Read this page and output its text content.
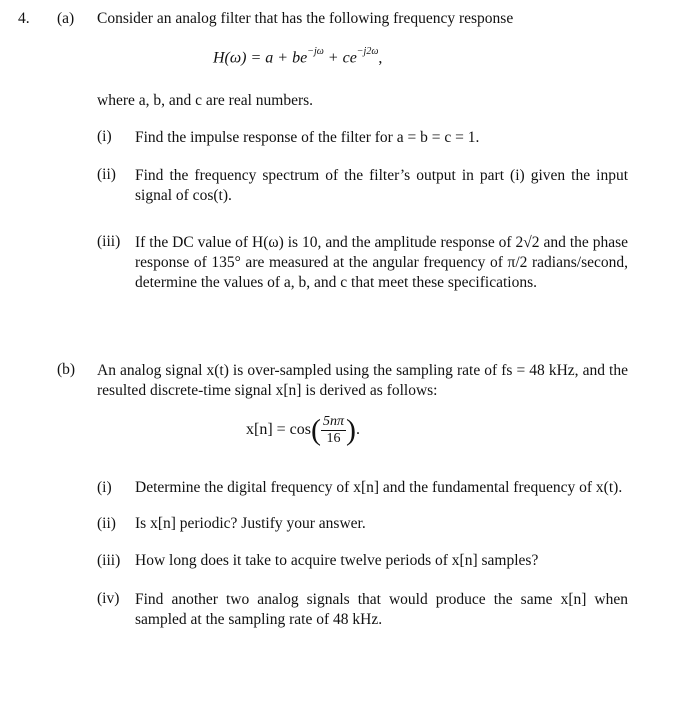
4. (a) Consider an analog filter that has the following frequency response
$H(\omega) = a + be^{-j\omega} + ce^{-j2\omega}$,
where a, b, and c are real numbers.
(i) Find the impulse response of the filter for a = b = c = 1.
(ii) Find the frequency spectrum of the filter’s output in part (i) given the input signal of cos(t).
(iii) If the DC value of H(ω) is 10, and the amplitude response of 2√2 and the phase response of 135° are measured at the angular frequency of π/2 radians/second, determine the values of a, b, and c that meet these specifications.
(b) An analog signal x(t) is over-sampled using the sampling rate of fs = 48 kHz, and the resulted discrete-time signal x[n] is derived as follows:
$x[n] = \cos( \frac{5n\pi}{16}$ ).
(i) Determine the digital frequency of x[n] and the fundamental frequency of x(t).
(ii) Is x[n] periodic? Justify your answer.
(iii) How long does it take to acquire twelve periods of x[n] samples?
(iv) Find another two analog signals that would produce the same x[n] when sampled at the sampling rate of 48 kHz.
